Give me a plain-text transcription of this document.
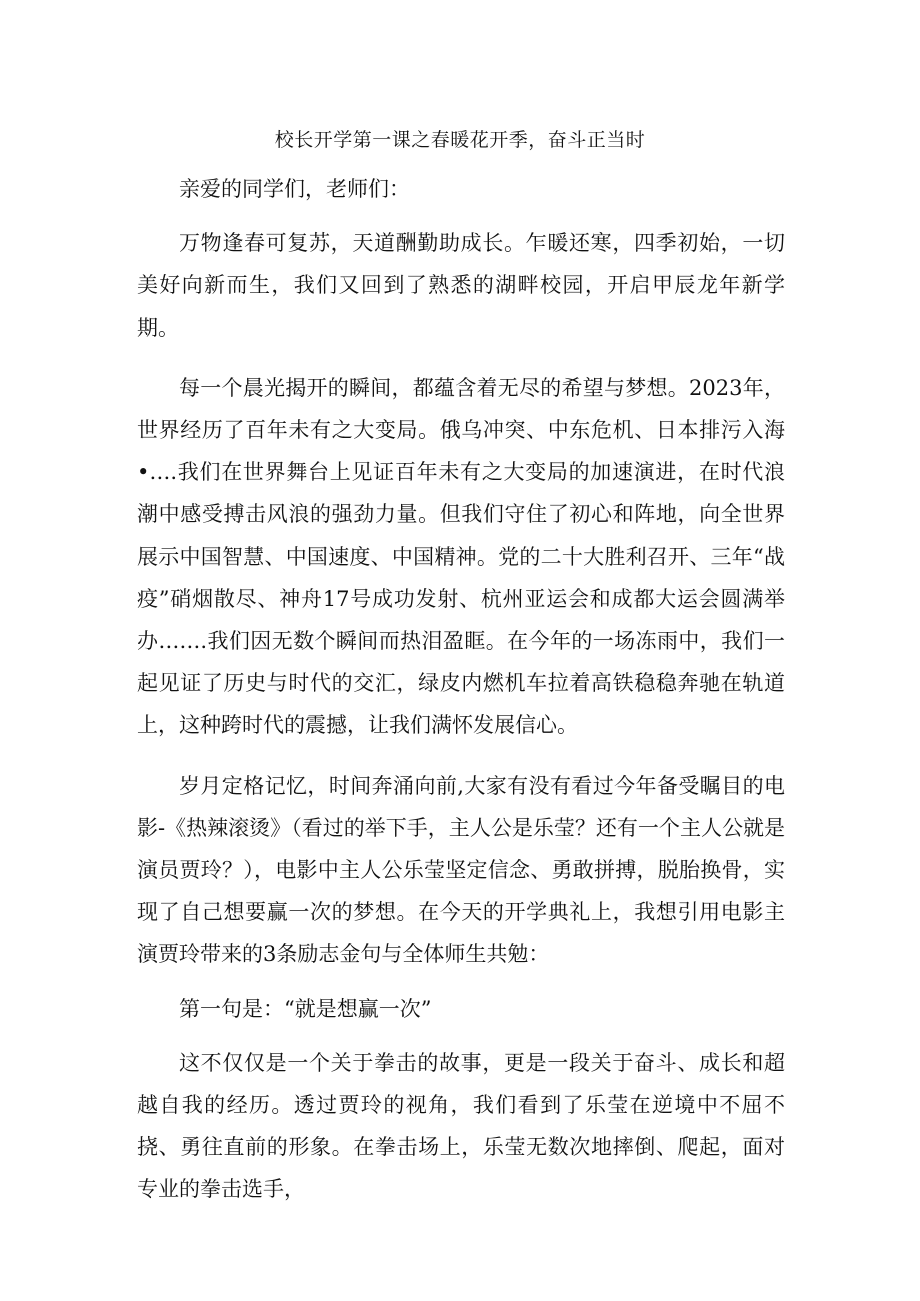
校长开学第一课之春暖花开季，奋斗正当时

亲爱的同学们，老师们：

万物逢春可复苏，天道酬勤助成长。乍暖还寒，四季初始，一切美好向新而生，我们又回到了熟悉的湖畔校园，开启甲辰龙年新学期。

每一个晨光揭开的瞬间，都蕴含着无尽的希望与梦想。2023年，世界经历了百年未有之大变局。俄乌冲突、中东危机、日本排污入海•….我们在世界舞台上见证百年未有之大变局的加速演进，在时代浪潮中感受搏击风浪的强劲力量。但我们守住了初心和阵地，向全世界展示中国智慧、中国速度、中国精神。党的二十大胜利召开、三年“战疫”硝烟散尽、神舟17号成功发射、杭州亚运会和成都大运会圆满举办…….我们因无数个瞬间而热泪盈眶。在今年的一场冻雨中，我们一起见证了历史与时代的交汇，绿皮内燃机车拉着高铁稳稳奔驰在轨道上，这种跨时代的震撼，让我们满怀发展信心。

岁月定格记忆，时间奔涌向前,大家有没有看过今年备受瞩目的电影-《热辣滚烫》（看过的举下手，主人公是乐莹？还有一个主人公就是演员贾玲？），电影中主人公乐莹坚定信念、勇敢拼搏，脱胎换骨，实现了自己想要赢一次的梦想。在今天的开学典礼上，我想引用电影主演贾玲带来的3条励志金句与全体师生共勉：

第一句是：“就是想赢一次”

这不仅仅是一个关于拳击的故事，更是一段关于奋斗、成长和超越自我的经历。透过贾玲的视角，我们看到了乐莹在逆境中不屈不挠、勇往直前的形象。在拳击场上，乐莹无数次地摔倒、爬起，面对专业的拳击选手，
